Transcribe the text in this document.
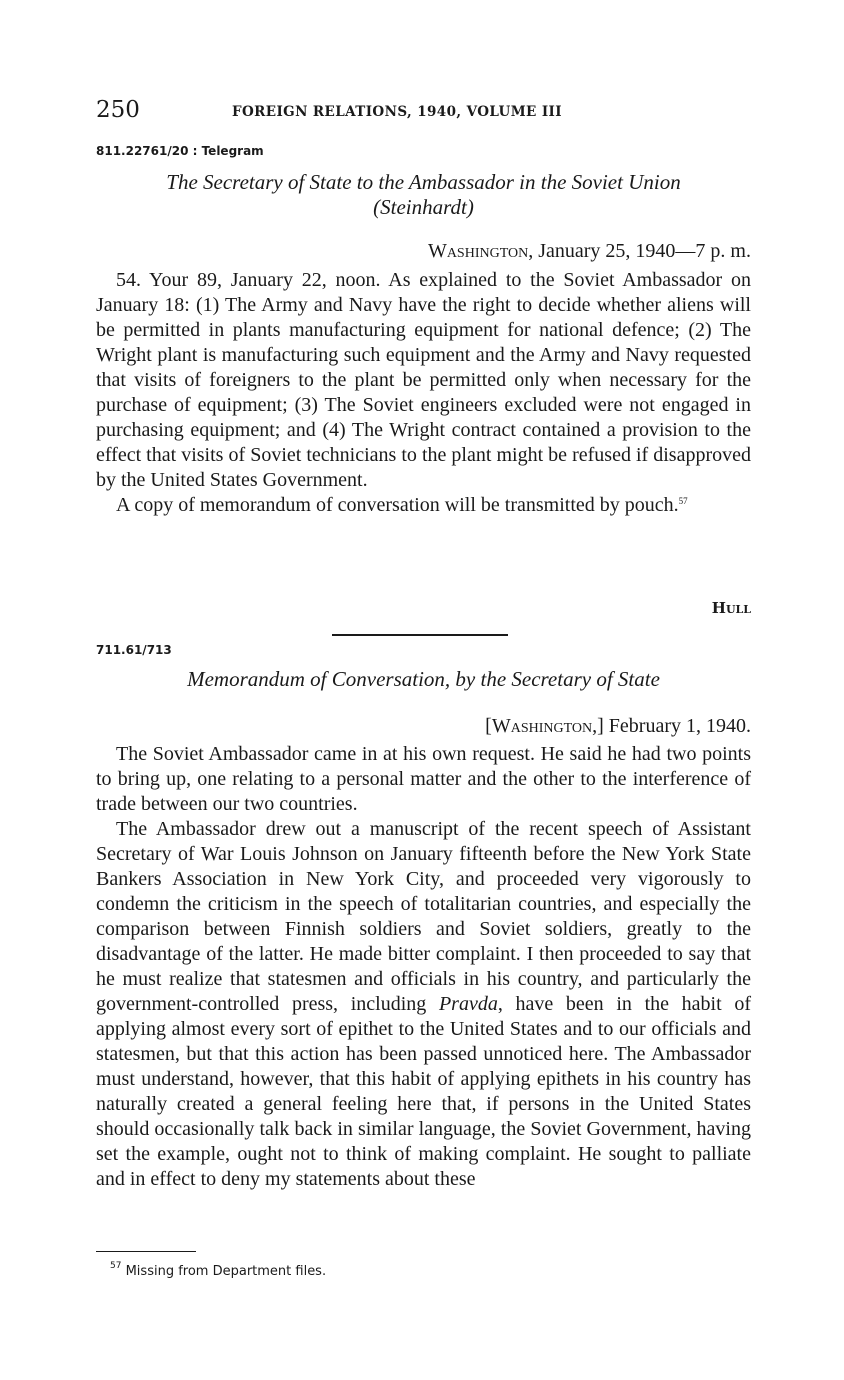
250	FOREIGN RELATIONS, 1940, VOLUME III
811.22761/20 : Telegram
The Secretary of State to the Ambassador in the Soviet Union
(Steinhardt)
Washington, January 25, 1940—7 p. m.

54. Your 89, January 22, noon. As explained to the Soviet Ambassador on January 18: (1) The Army and Navy have the right to decide whether aliens will be permitted in plants manufacturing equipment for national defence; (2) The Wright plant is manufacturing such equipment and the Army and Navy requested that visits of foreigners to the plant be permitted only when necessary for the purchase of equipment; (3) The Soviet engineers excluded were not engaged in purchasing equipment; and (4) The Wright contract contained a provision to the effect that visits of Soviet technicians to the plant might be refused if disapproved by the United States Government.

A copy of memorandum of conversation will be transmitted by pouch.$^{57}$

Hull
711.61/713
Memorandum of Conversation, by the Secretary of State
[Washington,] February 1, 1940.

The Soviet Ambassador came in at his own request. He said he had two points to bring up, one relating to a personal matter and the other to the interference of trade between our two countries.

The Ambassador drew out a manuscript of the recent speech of Assistant Secretary of War Louis Johnson on January fifteenth before the New York State Bankers Association in New York City, and proceeded very vigorously to condemn the criticism in the speech of totalitarian countries, and especially the comparison between Finnish soldiers and Soviet soldiers, greatly to the disadvantage of the latter. He made bitter complaint. I then proceeded to say that he must realize that statesmen and officials in his country, and particularly the government-controlled press, including Pravda, have been in the habit of applying almost every sort of epithet to the United States and to our officials and statesmen, but that this action has been passed unnoticed here. The Ambassador must understand, however, that this habit of applying epithets in his country has naturally created a general feeling here that, if persons in the United States should occasionally talk back in similar language, the Soviet Government, having set the example, ought not to think of making complaint. He sought to palliate and in effect to deny my statements about these

$^{57}$ Missing from Department files.
